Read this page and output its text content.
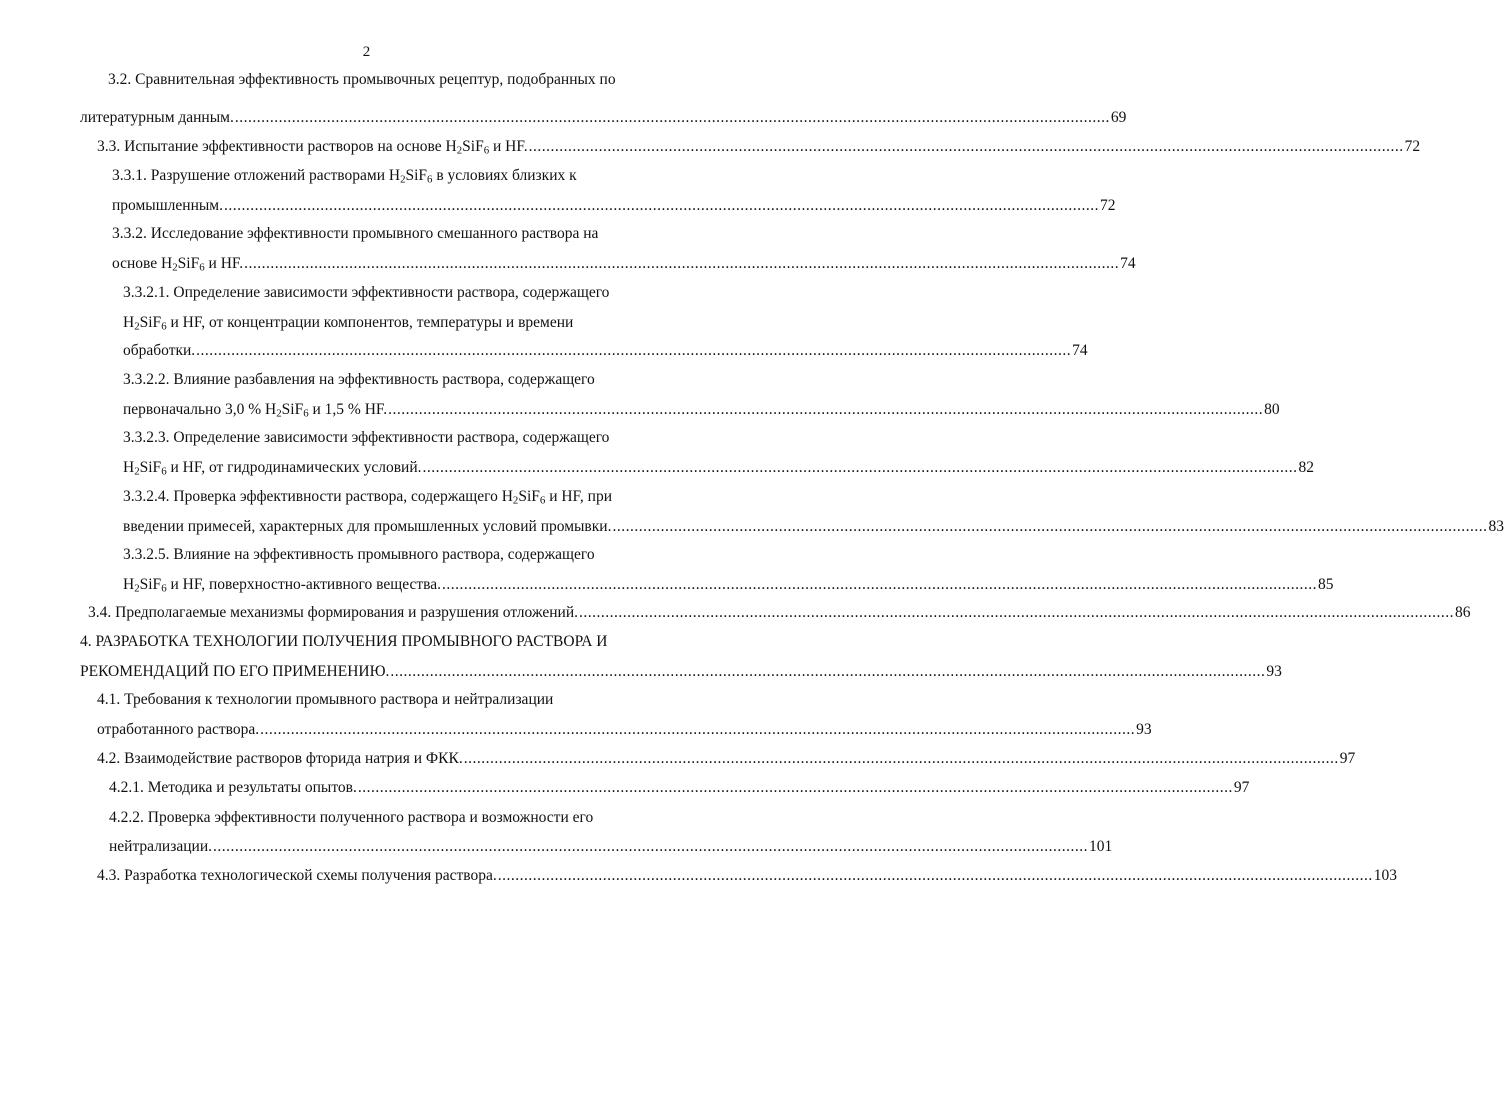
2
3.2. Сравнительная эффективность промывочных рецептур, подобранных по
литературным данным. ........................................................................................................................................................................................................ 69
3.3. Испытание эффективности растворов на основе $H_2SiF_6$ и HF. ........................................................................................................................................................................................................ 72
3.3.1. Разрушение отложений растворами $H_2SiF_6$ в условиях близких к
промышленным. ........................................................................................................................................................................................................ 72
3.3.2. Исследование эффективности промывного смешанного раствора на
основе $H_2SiF_6$ и HF. ........................................................................................................................................................................................................ 74
3.3.2.1. Определение зависимости эффективности раствора, содержащего
$H_2SiF_6$ и HF, от концентрации компонентов, температуры и времени
обработки. ........................................................................................................................................................................................................ 74
3.3.2.2. Влияние разбавления на эффективность раствора, содержащего
первоначально 3,0 % $H_2SiF_6$ и 1,5 % HF. ........................................................................................................................................................................................................ 80
3.3.2.3. Определение зависимости эффективности раствора, содержащего
$H_2SiF_6$ и HF, от гидродинамических условий. ........................................................................................................................................................................................................ 82
3.3.2.4. Проверка эффективности раствора, содержащего $H_2SiF_6$ и HF, при
введении примесей, характерных для промышленных условий промывки. ........................................................................................................................................................................................................ 83
3.3.2.5. Влияние на эффективность промывного раствора, содержащего
$H_2SiF_6$ и HF, поверхностно-активного вещества. ........................................................................................................................................................................................................ 85
3.4. Предполагаемые механизмы формирования и разрушения отложений. ........................................................................................................................................................................................................ 86
4. РАЗРАБОТКА ТЕХНОЛОГИИ ПОЛУЧЕНИЯ ПРОМЫВНОГО РАСТВОРА И
РЕКОМЕНДАЦИЙ ПО ЕГО ПРИМЕНЕНИЮ. ........................................................................................................................................................................................................ 93
4.1. Требования к технологии промывного раствора и нейтрализации
отработанного раствора. ........................................................................................................................................................................................................ 93
4.2. Взаимодействие растворов фторида натрия и ФКК. ........................................................................................................................................................................................................ 97
4.2.1. Методика и результаты опытов. ........................................................................................................................................................................................................ 97
4.2.2. Проверка эффективности полученного раствора и возможности его
нейтрализации. ........................................................................................................................................................................................................ 101
4.3. Разработка технологической схемы получения раствора. ........................................................................................................................................................................................................ 103
